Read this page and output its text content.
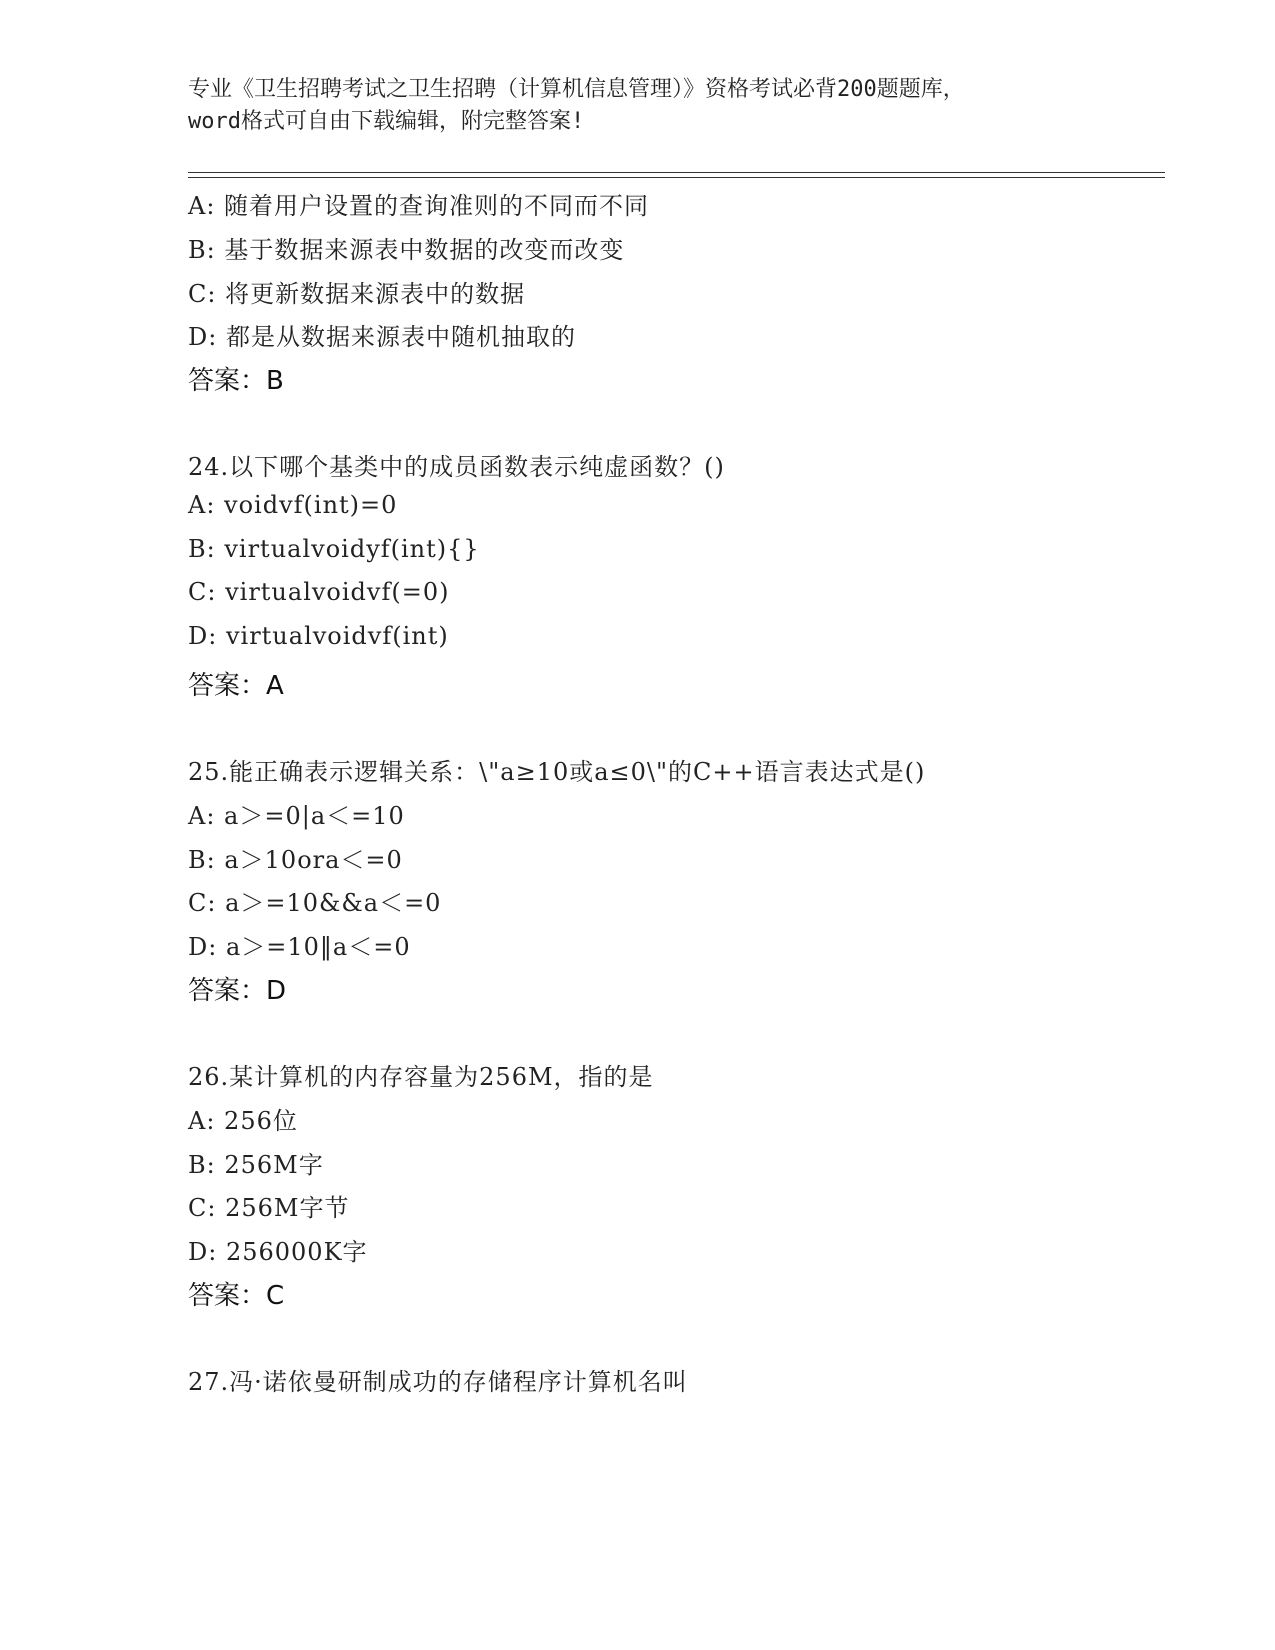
专业《卫生招聘考试之卫生招聘（计算机信息管理）》资格考试必背200题题库，
word格式可自由下载编辑，附完整答案!
A: 随着用户设置的查询准则的不同而不同
B: 基于数据来源表中数据的改变而改变
C: 将更新数据来源表中的数据
D: 都是从数据来源表中随机抽取的
答案：B
24.以下哪个基类中的成员函数表示纯虚函数？()
A: voidvf(int)=0
B: virtualvoidyf(int){}
C: virtualvoidvf(=0)
D: virtualvoidvf(int)
答案：A
25.能正确表示逻辑关系：\"a≥10或a≤0\"的C++语言表达式是()
A: a＞=0|a＜=10
B: a＞10ora＜=0
C: a＞=10&&a＜=0
D: a＞=10‖a＜=0
答案：D
26.某计算机的内存容量为256M，指的是
A: 256位
B: 256M字
C: 256M字节
D: 256000K字
答案：C
27.冯·诺依曼研制成功的存储程序计算机名叫
